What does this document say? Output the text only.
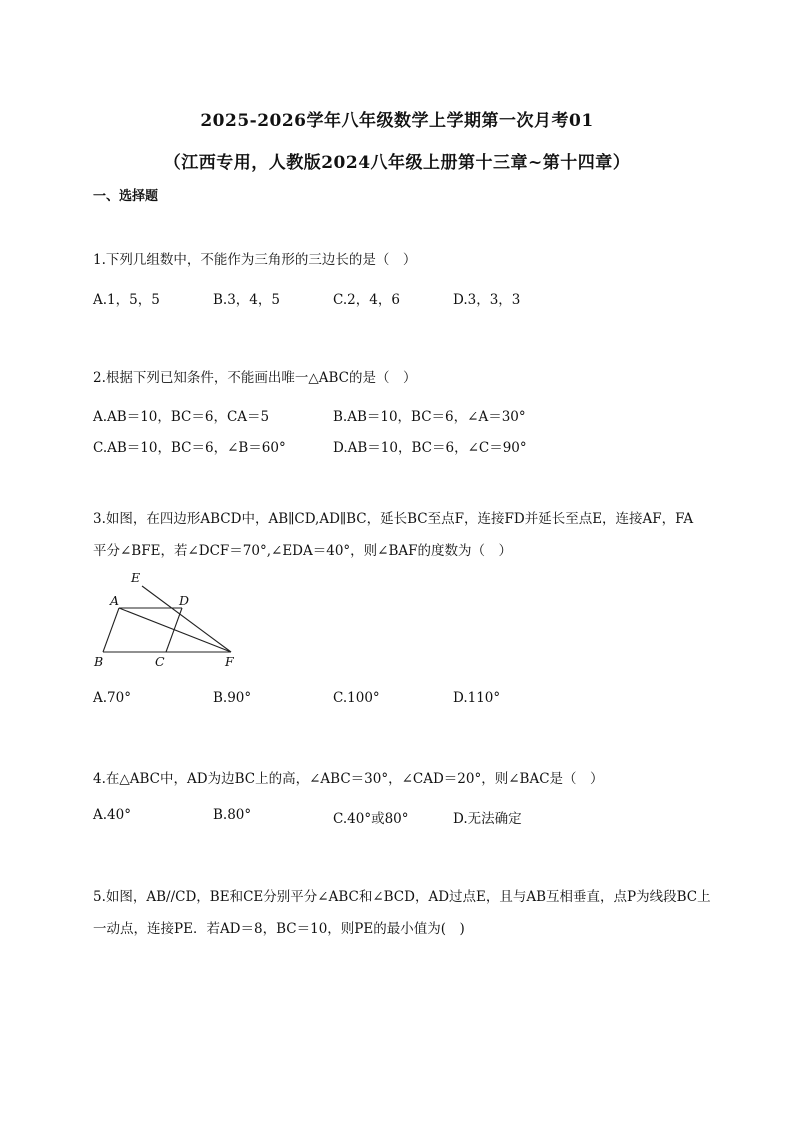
2025-2026学年八年级数学上学期第一次月考01
（江西专用，人教版2024八年级上册第十三章~第十四章）
一、选择题
1.下列几组数中，不能作为三角形的三边长的是（　）
A.1，5，5	B.3，4，5	C.2，4，6	D.3，3，3
2.根据下列已知条件，不能画出唯一△ABC的是（　）
A.AB＝10，BC＝6，CA＝5	B.AB＝10，BC＝6，∠A＝30°
C.AB＝10，BC＝6，∠B＝60°	D.AB＝10，BC＝6，∠C＝90°
3.如图，在四边形ABCD中，AB∥CD,AD∥BC，延长BC至点F，连接FD并延长至点E，连接AF，FA
平分∠BFE，若∠DCF＝70°,∠EDA＝40°，则∠BAF的度数为（　）
E
A	D
B	C	F
A.70°	B.90°	C.100°	D.110°
4.在△ABC中，AD为边BC上的高，∠ABC＝30°，∠CAD＝20°，则∠BAC是（　）
A.40°	B.80°	C.40°或80°	D.无法确定
5.如图，AB//CD，BE和CE分别平分∠ABC和∠BCD，AD过点E，且与AB互相垂直，点P为线段BC上
一动点，连接PE．若AD＝8，BC＝10，则PE的最小值为(　)
